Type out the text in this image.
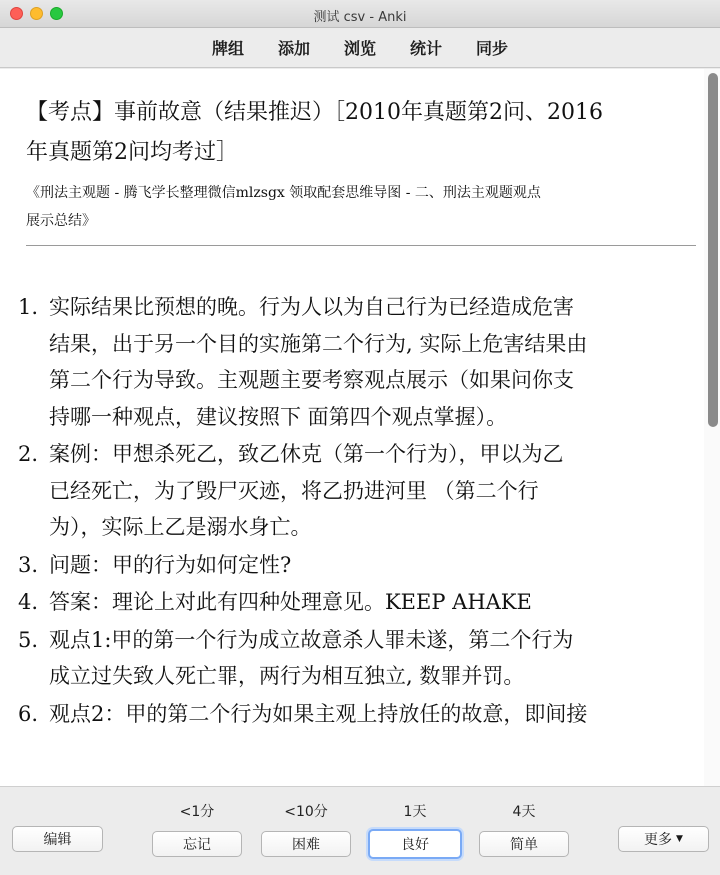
测试 csv - Anki
牌组	添加	浏览	统计	同步
【考点】事前故意（结果推迟）［2010年真题第2问、2016
年真题第2问均考过］
《刑法主观题 - 腾飞学长整理微信mlzsgx 领取配套思维导图 - 二、刑法主观题观点
展示总结》
1. 实际结果比预想的晚。行为人以为自己行为已经造成危害
结果，出于另一个目的实施第二个行为, 实际上危害结果由
第二个行为导致。主观题主要考察观点展示（如果问你支
持哪一种观点，建议按照下 面第四个观点掌握）。
2. 案例：甲想杀死乙，致乙休克（第一个行为），甲以为乙
已经死亡，为了毁尸灭迹，将乙扔进河里 （第二个行
为），实际上乙是溺水身亡。
3. 问题：甲的行为如何定性?
4. 答案：理论上对此有四种处理意见。KEEP AHAKE
5. 观点1:甲的第一个行为成立故意杀人罪未遂，第二个行为
成立过失致人死亡罪，两行为相互独立, 数罪并罚。
6. 观点2：甲的第二个行为如果主观上持放任的故意，即间接
编辑
<1分	<10分	1天	4天
忘记	困难	良好	简单	更多 ▼
